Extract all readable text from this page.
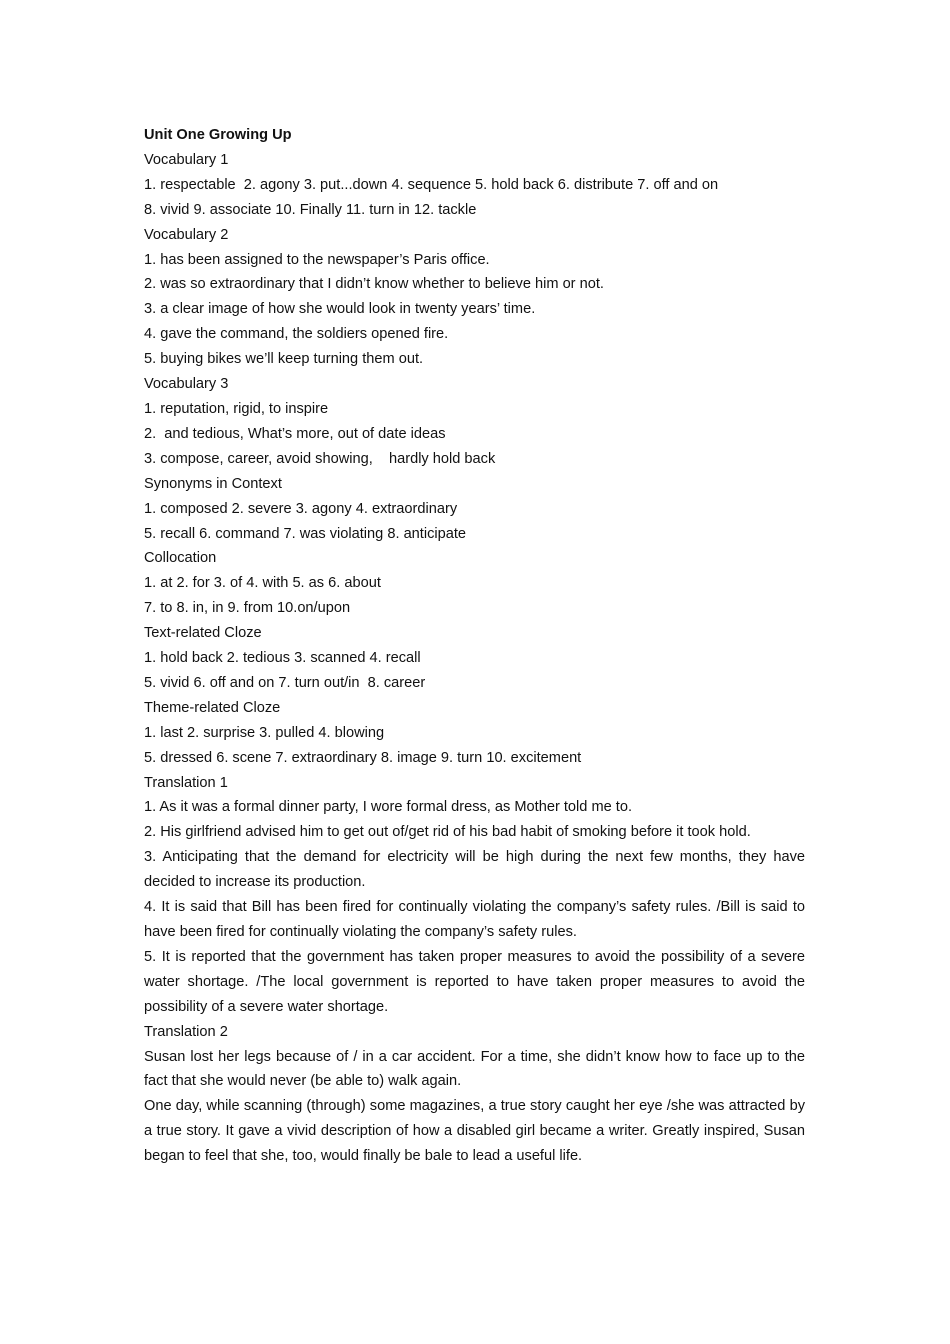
Unit One Growing Up

Vocabulary 1

1. respectable  2. agony 3. put...down 4. sequence 5. hold back 6. distribute 7. off and on

8. vivid 9. associate 10. Finally 11. turn in 12. tackle

Vocabulary 2

1. has been assigned to the newspaper’s Paris office.

2. was so extraordinary that I didn’t know whether to believe him or not.

3. a clear image of how she would look in twenty years’ time.

4. gave the command, the soldiers opened fire.

5. buying bikes we’ll keep turning them out.

Vocabulary 3

1. reputation, rigid, to inspire

2.  and tedious, What’s more, out of date ideas

3. compose, career, avoid showing,    hardly hold back

Synonyms in Context

1. composed 2. severe 3. agony 4. extraordinary

5. recall 6. command 7. was violating 8. anticipate

Collocation

1. at 2. for 3. of 4. with 5. as 6. about

7. to 8. in, in 9. from 10.on/upon

Text-related Cloze

1. hold back 2. tedious 3. scanned 4. recall

5. vivid 6. off and on 7. turn out/in  8. career

Theme-related Cloze

1. last 2. surprise 3. pulled 4. blowing

5. dressed 6. scene 7. extraordinary 8. image 9. turn 10. excitement

Translation 1

1. As it was a formal dinner party, I wore formal dress, as Mother told me to.

2. His girlfriend advised him to get out of/get rid of his bad habit of smoking before it took hold.

3. Anticipating that the demand for electricity will be high during the next few months, they have decided to increase its production.

4. It is said that Bill has been fired for continually violating the company’s safety rules. /Bill is said to have been fired for continually violating the company’s safety rules.

5. It is reported that the government has taken proper measures to avoid the possibility of a severe water shortage. /The local government is reported to have taken proper measures to avoid the possibility of a severe water shortage.

Translation 2

Susan lost her legs because of / in a car accident. For a time, she didn’t know how to face up to the fact that she would never (be able to) walk again.

One day, while scanning (through) some magazines, a true story caught her eye /she was attracted by a true story. It gave a vivid description of how a disabled girl became a writer. Greatly inspired, Susan began to feel that she, too, would finally be bale to lead a useful life.
